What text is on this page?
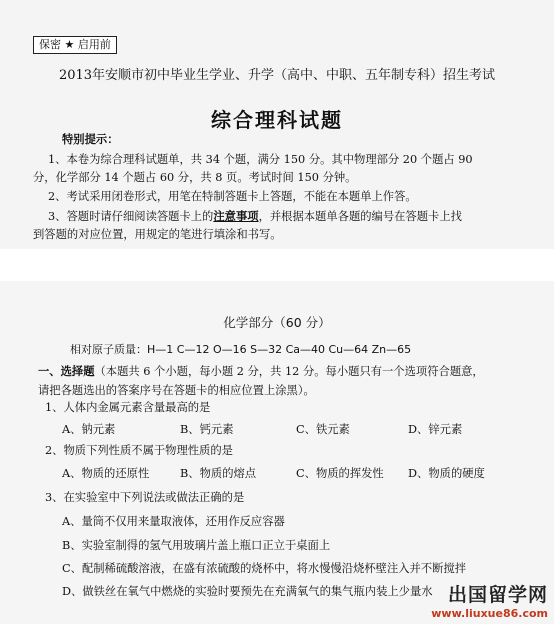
保密 ★ 启用前
2013年安顺市初中毕业生学业、升学（高中、中职、五年制专科）招生考试
综合理科试题
特别提示：
1、本卷为综合理科试题单，共 34 个题，满分 150 分。其中物理部分 20 个题占 90
分，化学部分 14 个题占 60 分，共 8 页。考试时间 150 分钟。
2、考试采用闭卷形式，用笔在特制答题卡上答题，不能在本题单上作答。
3、答题时请仔细阅读答题卡上的注意事项，并根据本题单各题的编号在答题卡上找
到答题的对应位置，用规定的笔进行填涂和书写。
化学部分（60 分）
相对原子质量：H—1 C—12 O—16 S—32 Ca—40 Cu—64 Zn—65
一、选择题（本题共 6 个小题，每小题 2 分，共 12 分。每小题只有一个选项符合题意，
请把各题选出的答案序号在答题卡的相应位置上涂黑）。
1、人体内金属元素含量最高的是
A、钠元素	B、钙元素	C、铁元素	D、锌元素
2、物质下列性质不属于物理性质的是
A、物质的还原性	B、物质的熔点	C、物质的挥发性 D、物质的硬度
3、在实验室中下列说法或做法正确的是
A、量筒不仅用来量取液体，还用作反应容器
B、实验室制得的氢气用玻璃片盖上瓶口正立于桌面上
C、配制稀硫酸溶液，在盛有浓硫酸的烧杯中，将水慢慢沿烧杯壁注入并不断搅拌
D、做铁丝在氧气中燃烧的实验时要预先在充满氧气的集气瓶内装上少量水 出国留学网
www.liuxue86.com
